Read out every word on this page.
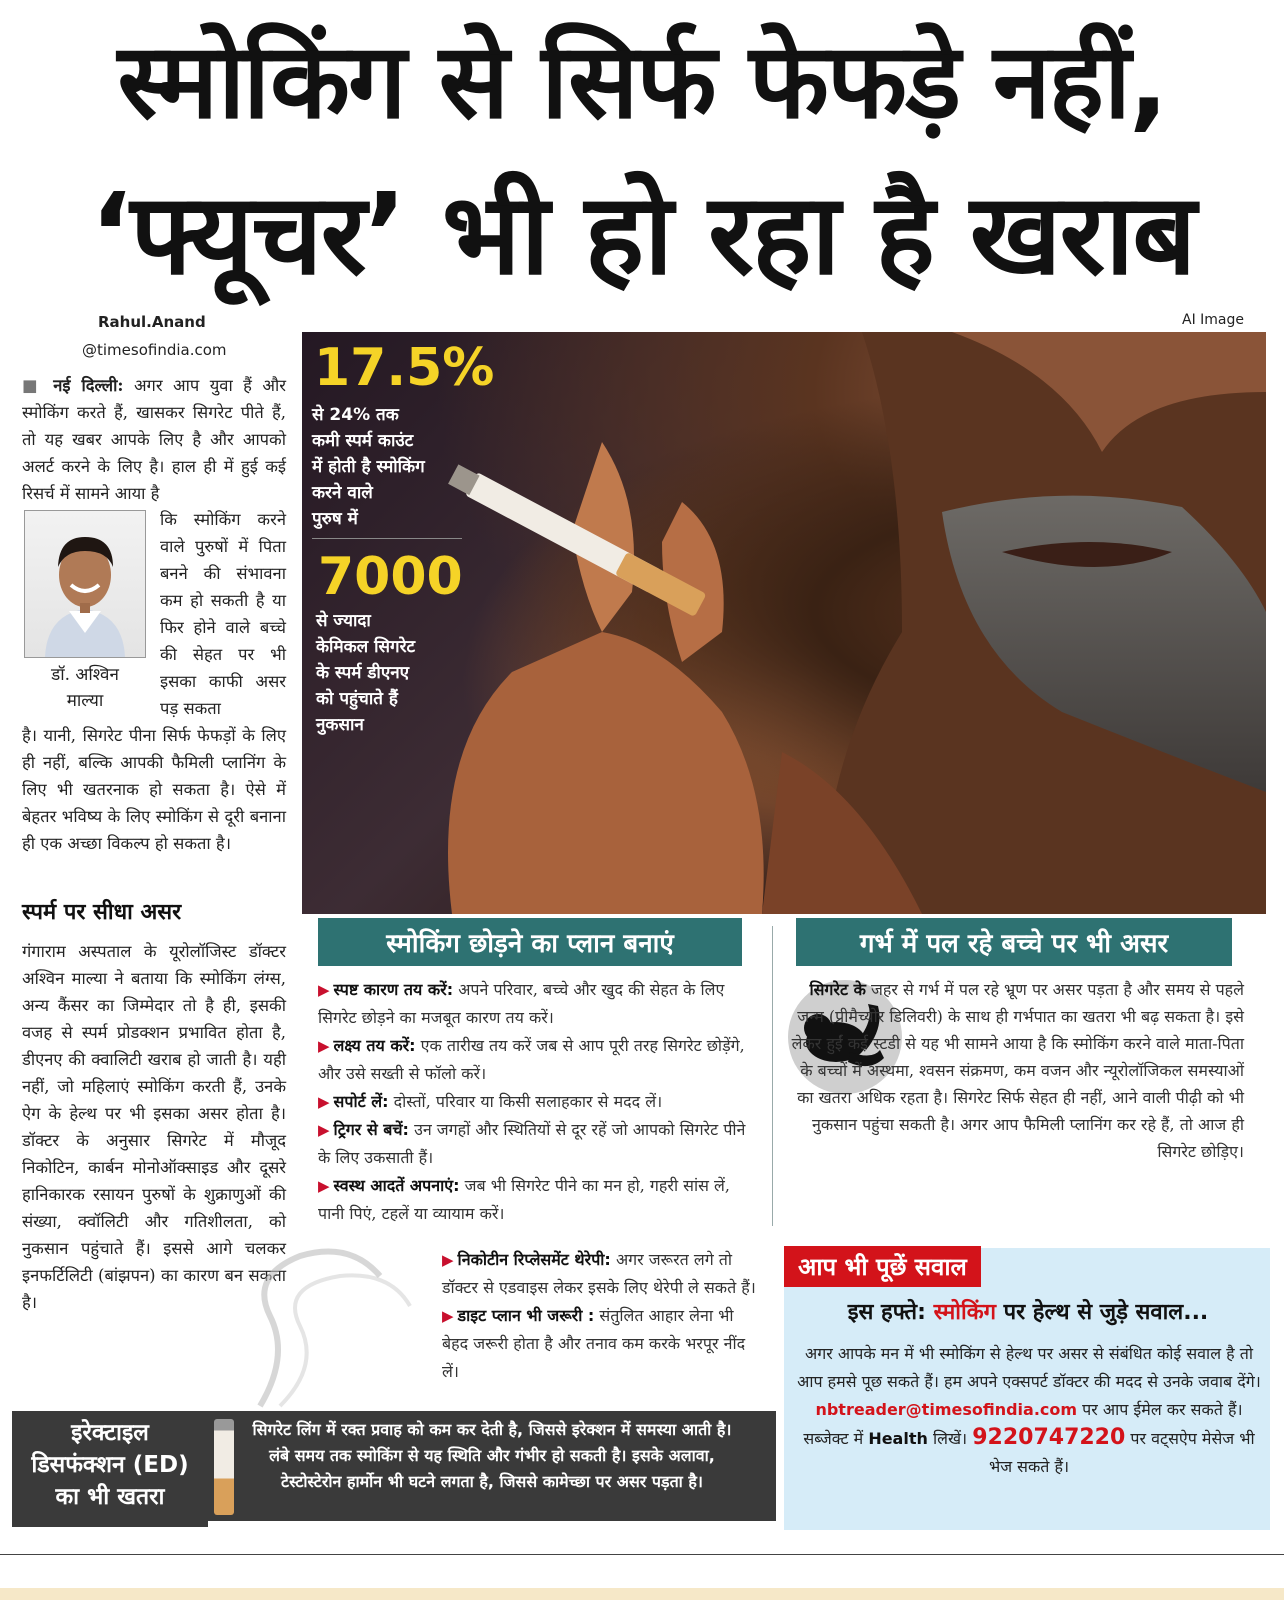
स्मोकिंग से सिर्फ फेफड़े नहीं,
‘फ्यूचर’ भी हो रहा है खराब
Rahul.Anand
@timesofindia.com
AI Image

■ नई दिल्ली: अगर आप युवा हैं और स्मोकिंग करते हैं, खासकर सिगरेट पीते हैं, तो यह खबर आपके लिए है और आपको अलर्ट करने के लिए है। हाल ही में हुई कई रिसर्च में सामने आया है

डॉ. अश्विन
माल्या
कि स्मोकिंग करने वाले पुरुषों में पिता बनने की संभावना कम हो सकती है या फिर होने वाले बच्चे की सेहत पर भी इसका काफी असर पड़ सकता
है। यानी, सिगरेट पीना सिर्फ फेफड़ों के लिए ही नहीं, बल्कि आपकी फैमिली प्लानिंग के लिए भी खतरनाक हो सकता है। ऐसे में बेहतर भविष्य के लिए स्मोकिंग से दूरी बनाना ही एक अच्छा विकल्प हो सकता है।
स्पर्म पर सीधा असर
गंगाराम अस्पताल के यूरोलॉजिस्ट डॉक्टर अश्विन माल्या ने बताया कि स्मोकिंग लंग्स, अन्य कैंसर का जिम्मेदार तो है ही, इसकी वजह से स्पर्म प्रोडक्शन प्रभावित होता है, डीएनए की क्वालिटी खराब हो जाती है। यही नहीं, जो महिलाएं स्मोकिंग करती हैं, उनके ऐग के हेल्थ पर भी इसका असर होता है। डॉक्टर के अनुसार सिगरेट में मौजूद निकोटिन, कार्बन मोनोऑक्साइड और दूसरे हानिकारक रसायन पुरुषों के शुक्राणुओं की संख्या, क्वॉलिटी और गतिशीलता, को नुकसान पहुंचाते हैं। इससे आगे चलकर इनफर्टिलिटी (बांझपन) का कारण बन सकता है।
17.5%
से 24% तक
कमी स्पर्म काउंट
में होती है स्मोकिंग
करने वाले
पुरुष में
7000
से ज्यादा
केमिकल सिगरेट
के स्पर्म डीएनए
को पहुंचाते हैं
नुकसान
स्मोकिंग छोड़ने का प्लान बनाएं
▶ स्पष्ट कारण तय करें: अपने परिवार, बच्चे और खुद की सेहत के लिए सिगरेट छोड़ने का मजबूत कारण तय करें।
▶ लक्ष्य तय करें: एक तारीख तय करें जब से आप पूरी तरह सिगरेट छोड़ेंगे, और उसे सख्ती से फॉलो करें।
▶ सपोर्ट लें: दोस्तों, परिवार या किसी सलाहकार से मदद लें।
▶ ट्रिगर से बचें: उन जगहों और स्थितियों से दूर रहें जो आपको सिगरेट पीने के लिए उकसाती हैं।
▶ स्वस्थ आदतें अपनाएं: जब भी सिगरेट पीने का मन हो, गहरी सांस लें, पानी पिएं, टहलें या व्यायाम करें।
▶ निकोटीन रिप्लेसमेंट थेरेपी: अगर जरूरत लगे तो डॉक्टर से एडवाइस लेकर इसके लिए थेरेपी ले सकते हैं।
▶ डाइट प्लान भी जरूरी : संतुलित आहार लेना भी बेहद जरूरी होता है और तनाव कम करके भरपूर नींद लें।
गर्भ में पल रहे बच्चे पर भी असर
सिगरेट के जहर से गर्भ में पल रहे भ्रूण पर असर पड़ता है और समय से पहले जन्म (प्रीमैच्योर डिलिवरी) के साथ ही गर्भपात का खतरा भी बढ़ सकता है। इसे लेकर हुईं कई स्टडी से यह भी सामने आया है कि स्मोकिंग करने वाले माता-पिता के बच्चों में अस्थमा, श्वसन संक्रमण, कम वजन और न्यूरोलॉजिकल समस्याओं का खतरा अधिक रहता है। सिगरेट सिर्फ सेहत ही नहीं, आने वाली पीढ़ी को भी नुकसान पहुंचा सकती है। अगर आप फैमिली प्लानिंग कर रहे हैं, तो आज ही सिगरेट छोड़िए।
इरेक्टाइल
डिसफंक्शन (ED)
का भी खतरा
सिगरेट लिंग में रक्त प्रवाह को कम कर देती है, जिससे इरेक्शन में समस्या आती है। लंबे समय तक स्मोकिंग से यह स्थिति और गंभीर हो सकती है। इसके अलावा, टेस्टोस्टेरोन हार्मोन भी घटने लगता है, जिससे कामेच्छा पर असर पड़ता है।
आप भी पूछें सवाल
इस हफ्ते: स्मोकिंग पर हेल्थ से जुड़े सवाल...
अगर आपके मन में भी स्मोकिंग से हेल्थ पर असर से संबंधित कोई सवाल है तो आप हमसे पूछ सकते हैं। हम अपने एक्सपर्ट डॉक्टर की मदद से उनके जवाब देंगे। nbtreader@timesofindia.com पर आप ईमेल कर सकते हैं। सब्जेक्ट में Health लिखें। 9220747220 पर वट्सऐप मेसेज भी भेज सकते हैं।
